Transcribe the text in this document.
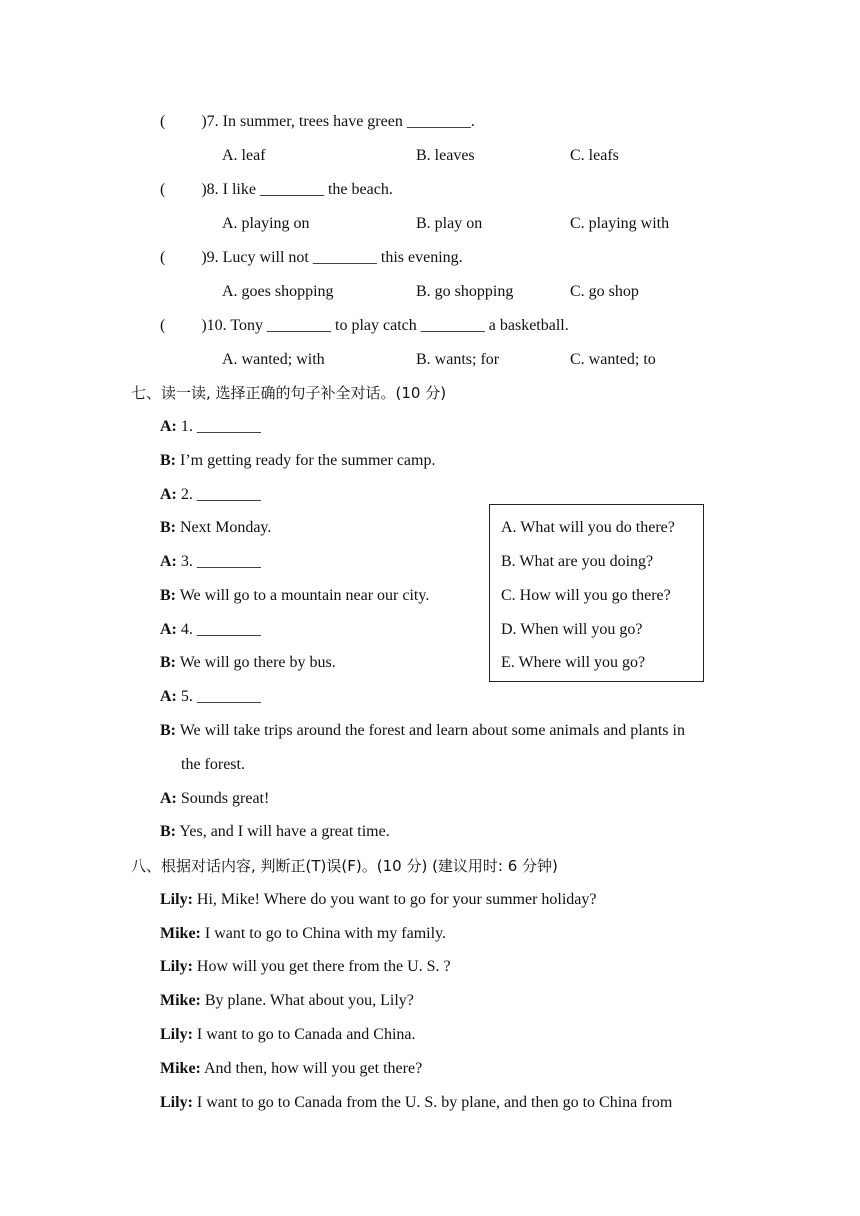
( )7. In summer, trees have green ________.
A. leaf	B. leaves	C. leafs
( )8. I like ________ the beach.
A. playing on	B. play on	C. playing with
( )9. Lucy will not ________ this evening.
A. goes shopping	B. go shopping	C. go shop
( )10. Tony ________ to play catch ________ a basketball.
A. wanted; with	B. wants; for	C. wanted; to
七、读一读, 选择正确的句子补全对话。(10 分)
A: 1. ________
B: I’m getting ready for the summer camp.
A: 2. ________
B: Next Monday.
A: 3. ________
B: We will go to a mountain near our city.
A: 4. ________
B: We will go there by bus.
A: 5. ________
B: We will take trips around the forest and learn about some animals and plants in
the forest.
A: Sounds great!
B: Yes, and I will have a great time.
A. What will you do there?
B. What are you doing?
C. How will you go there?
D. When will you go?
E. Where will you go?
八、根据对话内容, 判断正(T)误(F)。(10 分) (建议用时: 6 分钟)
Lily: Hi, Mike! Where do you want to go for your summer holiday?
Mike: I want to go to China with my family.
Lily: How will you get there from the U. S. ?
Mike: By plane. What about you, Lily?
Lily: I want to go to Canada and China.
Mike: And then, how will you get there?
Lily: I want to go to Canada from the U. S. by plane, and then go to China from
